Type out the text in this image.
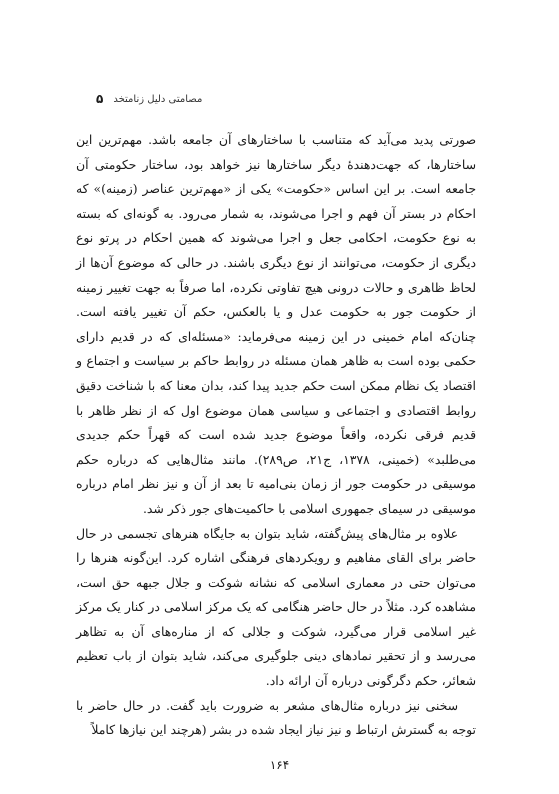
۵ مصامتی دلیل زنامتخد

صورتی پدید می‌آید که متناسب با ساختارهای آن جامعه باشد. مهم‌ترین این ساختارها، که جهت‌دهندهٔ دیگر ساختارها نیز خواهد بود، ساختار حکومتی آن جامعه است. بر این اساس «حکومت» یکی از «مهم‌ترین عناصر (زمینه)» که احکام در بستر آن فهم و اجرا می‌شوند، به شمار می‌رود. به گونه‌ای که بسته به نوع حکومت، احکامی جعل و اجرا می‌شوند که همین احکام در پرتو نوع دیگری از حکومت، می‌توانند از نوع دیگری باشند. در حالی که موضوع آن‌ها از لحاظ ظاهری و حالات درونی هیچ تفاوتی نکرده، اما صرفاً به جهت تغییر زمینه از حکومت جور به حکومت عدل و یا بالعکس، حکم آن تغییر یافته است. چنان‌که امام خمینی در این زمینه می‌فرماید: «مسئله‌ای که در قدیم دارای حکمی بوده است به ظاهر همان مسئله در روابط حاکم بر سیاست و اجتماع و اقتصاد یک نظام ممکن است حکم جدید پیدا کند، بدان معنا که با شناخت دقیق روابط اقتصادی و اجتماعی و سیاسی همان موضوع اول که از نظر ظاهر با قدیم فرقی نکرده، واقعاً موضوع جدید شده است که قهراً حکم جدیدی می‌طلبد» (خمینی، ۱۳۷۸، ج۲۱، ص۲۸۹). مانند مثال‌هایی که درباره حکم موسیقی در حکومت جور از زمان بنی‌امیه تا بعد از آن و نیز نظر امام درباره موسیقی در سیمای جمهوری اسلامی با حاکمیت‌های جور ذکر شد.

علاوه بر مثال‌های پیش‌گفته، شاید بتوان به جایگاه هنرهای تجسمی در حال حاضر برای القای مفاهیم و رویکردهای فرهنگی اشاره کرد. این‌گونه هنرها را می‌توان حتی در معماری اسلامی که نشانه شوکت و جلال جبهه حق است، مشاهده کرد. مثلاً در حال حاضر هنگامی که یک مرکز اسلامی در کنار یک مرکز غیر اسلامی قرار می‌گیرد، شوکت و جلالی که از مناره‌های آن به تظاهر می‌رسد و از تحقیر نمادهای دینی جلوگیری می‌کند، شاید بتوان از باب تعظیم شعائر، حکم دگرگونی درباره آن ارائه داد.

سخنی نیز درباره مثال‌های مشعر به ضرورت باید گفت. در حال حاضر با توجه به گسترش ارتباط و نیز نیاز ایجاد شده در بشر (هرچند این نیازها کاملاً

۱۶۴
